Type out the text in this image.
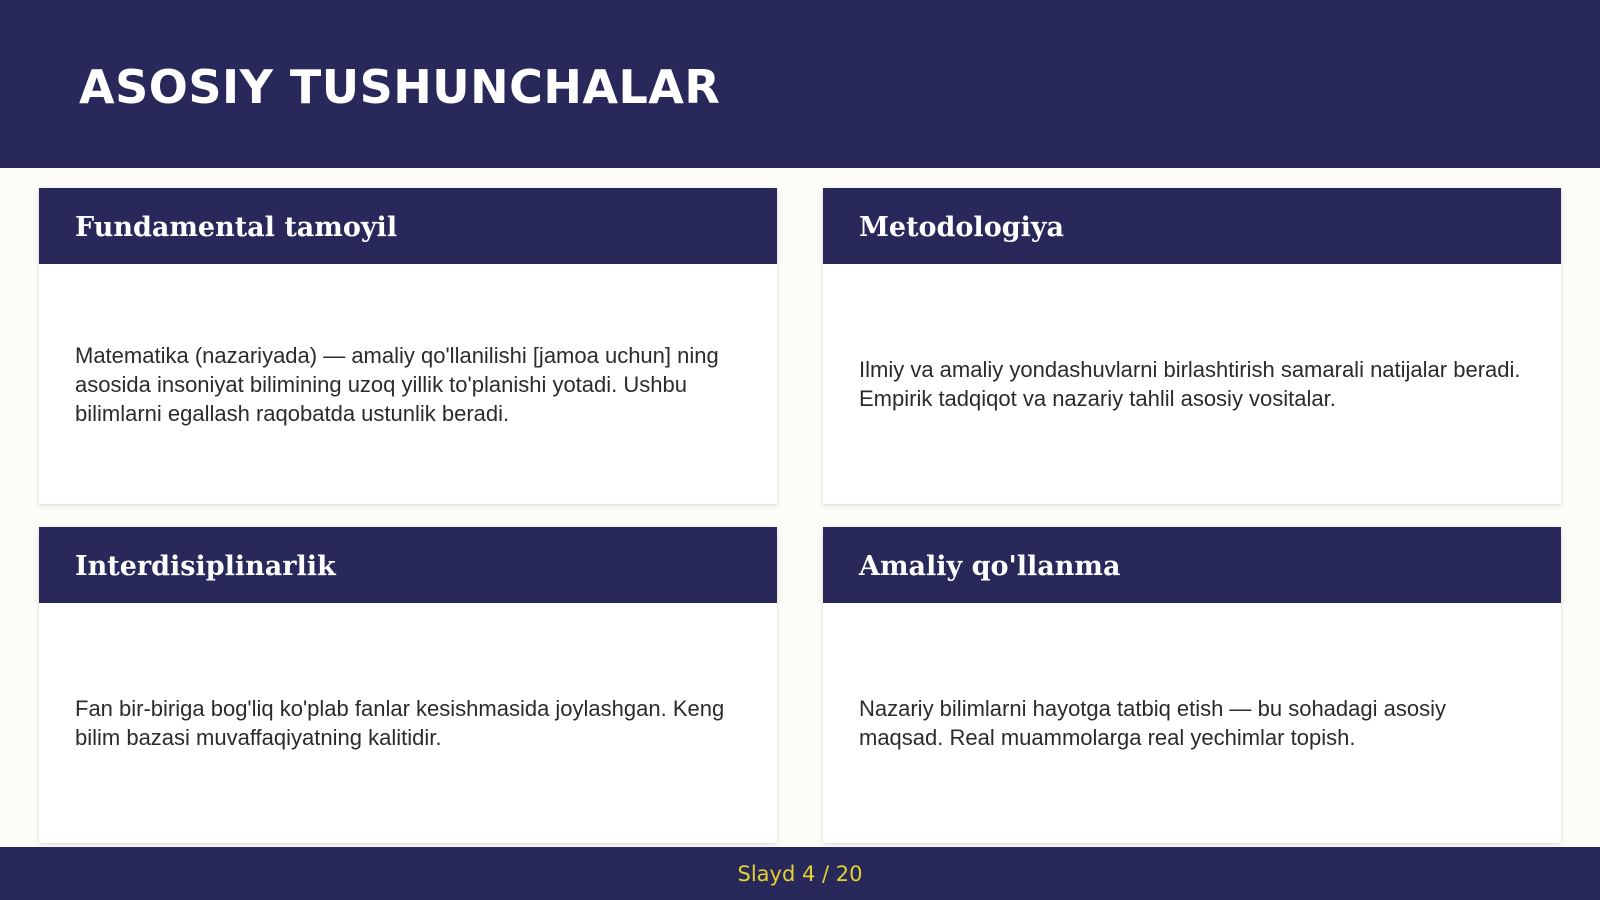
ASOSIY TUSHUNCHALAR
Fundamental tamoyil

Matematika (nazariyada) — amaliy qo'llanilishi [jamoa uchun] ning asosida insoniyat bilimining uzoq yillik to'planishi yotadi. Ushbu bilimlarni egallash raqobatda ustunlik beradi.

Metodologiya

Ilmiy va amaliy yondashuvlarni birlashtirish samarali natijalar beradi. Empirik tadqiqot va nazariy tahlil asosiy vositalar.

Interdisiplinarlik

Fan bir-biriga bog'liq ko'plab fanlar kesishmasida joylashgan. Keng bilim bazasi muvaffaqiyatning kalitidir.

Amaliy qo'llanma

Nazariy bilimlarni hayotga tatbiq etish — bu sohadagi asosiy maqsad. Real muammolarga real yechimlar topish.

Slayd 4 / 20
